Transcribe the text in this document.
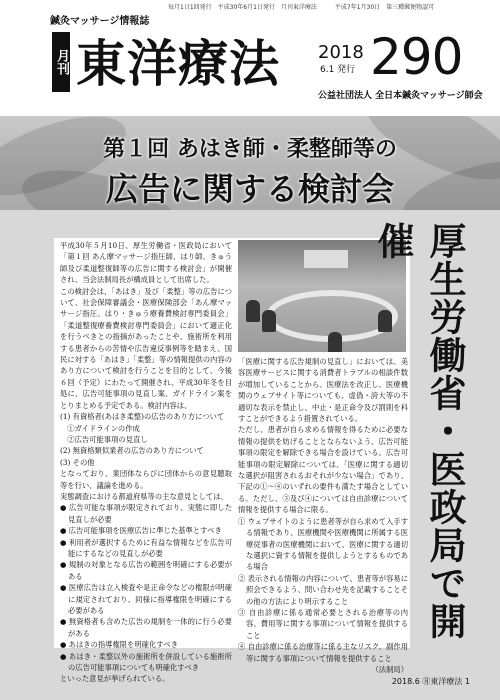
毎月1日1回発行　平成30年6月1日発行　月刊東洋療法　　　平成7年1月30日　第三種郵便物認可
鍼灸マッサージ情報誌
月刊 東洋療法 2018
6.1 発行 290
公益社団法人 全日本鍼灸マッサージ師会
第１回 あはき師・柔整師等の
広告に関する検討会

平成30年５月10日、厚生労働省・医政局において「第１回 あん摩マッサージ指圧師、はり師、きゅう師及び柔道整復師等の広告に関する検討会」が開催され、当会法制局長が構成員として出席した。

この検討会は、「あはき」及び「柔整」等の広告について、社会保障審議会・医療保険部会「あん摩マッサージ指圧、はり・きゅう療養費検討専門委員会」「柔道整復療養費検討専門委員会」において適正化を行うべきとの指摘があったことや、施術所を利用する患者からの苦情や広告違反事例等を踏まえ、国民に対する「あはき」「柔整」等の情報提供の内容のあり方について検討を行うことを目的として、今後６回（予定）にわたって開催され、平成30年冬を目処に、広告可能事項の見直し案、ガイドライン案をとりまとめる予定である。検討内容は、

(1) 有資格者(あはき柔整)の広告のあり方について

　①ガイドラインの作成

　②広告可能事項の見直し

(2) 無資格類似業者の広告のあり方について

(3) その他

となっており、業団体ならびに団体からの意見聴取等を行い、議論を進める。

実態調査における都道府県等の主な意見としては、

● 広告可能な事項が限定されており、実態に即した見直しが必要

● 広告可能事項を医療広告に準じた基準とすべき

● 利用者が選択するために有益な情報などを広告可能にするなどの見直しが必要

● 規制の対象となる広告の範囲を明確にする必要がある

● 医療広告は立入検査や是正命令などの権限が明確に規定されており、同様に指導権限を明確にする必要がある

● 無資格者も含めた広告の規制を一体的に行う必要がある

● あはきの指導権限を明確化すべき

● あはき・柔整以外の施術所を併設している施術所の広告可能事項についても明確化すべき

といった意見が挙げられている。

「医療に関する広告規制の見直し」においては、美容医療サービスに関する消費者トラブルの相談件数が増加していることから、医療法を改正し、医療機関のウェブサイト等についても、虚偽・誇大等の不適切な表示を禁止し、中止・是正命令及び罰則を科すことができるよう措置されている。

ただし、患者が自ら求める情報を得るために必要な情報の提供を妨げることとならないよう、広告可能事項の限定を解除できる場合を設けている。広告可能事項の限定解除については、「医療に関する適切な選択が阻害されるおそれが少ない場合」であり、下記の①〜④のいずれの要件も満たす場合としている。ただし、③及び④については自由診療について情報を提供する場合に限る。

① ウェブサイトのように患者等が自ら求めて入手する情報であり、医療機関や医療機関に所属する医療従事者の医療機関において、医療に関する適切な選択に資する情報を提供しようとするものである場合

② 表示される情報の内容について、患者等が容易に照会できるよう、問い合わせ先を記載することその他の方法により明示すること

③ 自由診療に係る通常必要とされる治療等の内容、費用等に関する事項について情報を提供すること

④ 自由診療に係る治療等に係る主なリスク、副作用等に関する事項について情報を提供すること

（法制局）

厚生労働省・医政局で開催
2018.6 ㊊東洋療法 1
